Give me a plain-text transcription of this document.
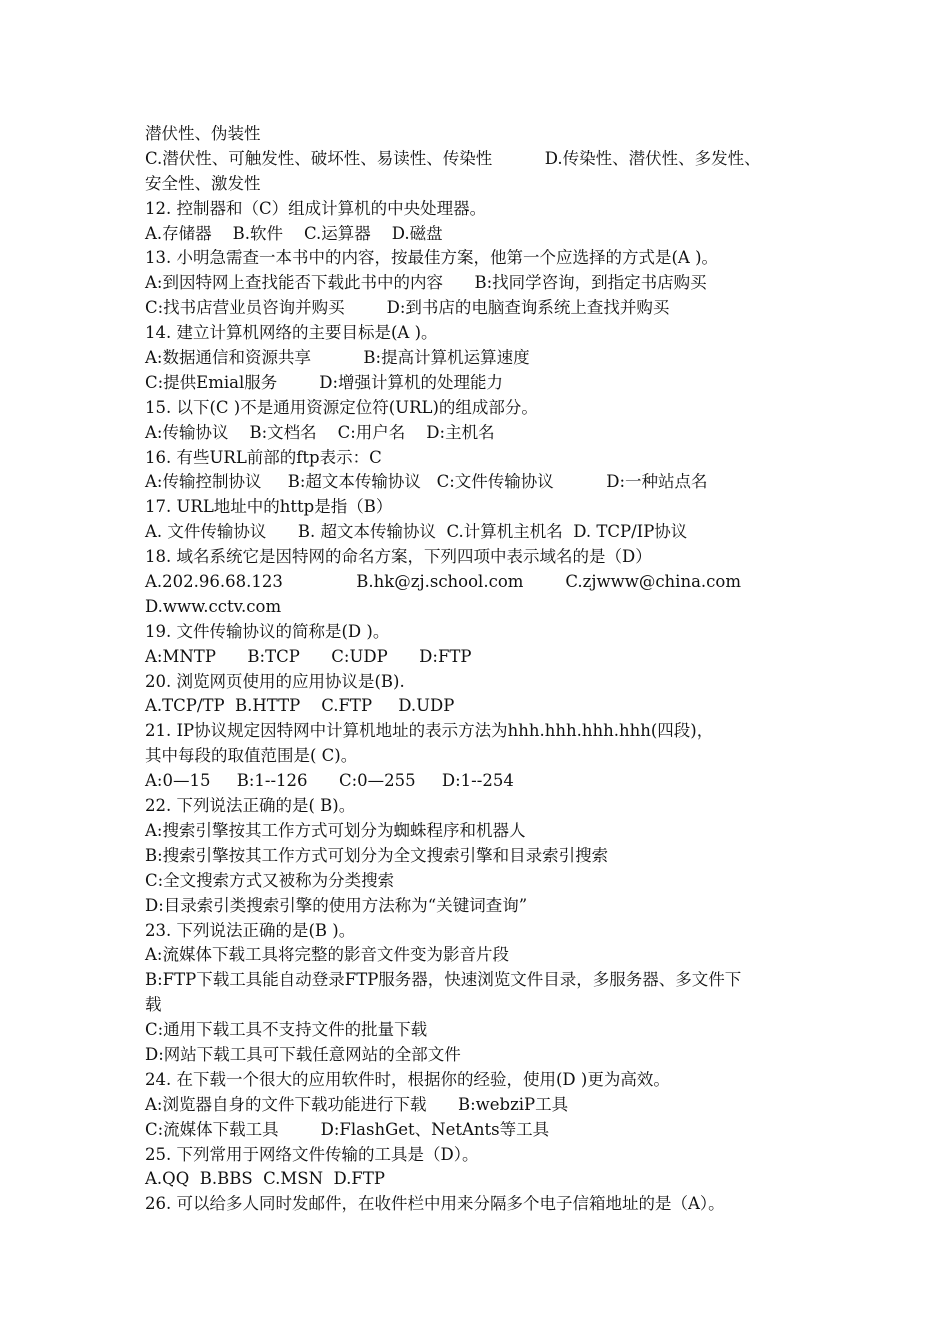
潜伏性、伪装性
C.潜伏性、可触发性、破坏性、易读性、传染性          D.传染性、潜伏性、多发性、
安全性、激发性
12. 控制器和（C）组成计算机的中央处理器。
A.存储器    B.软件    C.运算器    D.磁盘
13. 小明急需查一本书中的内容，按最佳方案，他第一个应选择的方式是(A )。
A:到因特网上查找能否下载此书中的内容      B:找同学咨询，到指定书店购买
C:找书店营业员咨询并购买        D:到书店的电脑查询系统上查找并购买
14. 建立计算机网络的主要目标是(A )。
A:数据通信和资源共享          B:提高计算机运算速度
C:提供Emial服务        D:增强计算机的处理能力
15. 以下(C )不是通用资源定位符(URL)的组成部分。
A:传输协议    B:文档名    C:用户名    D:主机名
16. 有些URL前部的ftp表示：C
A:传输控制协议     B:超文本传输协议   C:文件传输协议          D:一种站点名
17. URL地址中的http是指（B）
A. 文件传输协议      B. 超文本传输协议  C.计算机主机名  D. TCP/IP协议
18. 域名系统它是因特网的命名方案，下列四项中表示域名的是（D）
A.202.96.68.123              B.hk@zj.school.com        C.zjwww@china.com
D.www.cctv.com
19. 文件传输协议的简称是(D )。
A:MNTP      B:TCP      C:UDP      D:FTP
20. 浏览网页使用的应用协议是(B).
A.TCP/TP  B.HTTP    C.FTP     D.UDP
21. IP协议规定因特网中计算机地址的表示方法为hhh.hhh.hhh.hhh(四段)，
其中每段的取值范围是( C)。
A:0—15     B:1--126      C:0—255     D:1--254
22. 下列说法正确的是( B)。
A:搜索引擎按其工作方式可划分为蜘蛛程序和机器人
B:搜索引擎按其工作方式可划分为全文搜索引擎和目录索引搜索
C:全文搜索方式又被称为分类搜索
D:目录索引类搜索引擎的使用方法称为“关键词查询”
23. 下列说法正确的是(B )。
A:流媒体下载工具将完整的影音文件变为影音片段
B:FTP下载工具能自动登录FTP服务器，快速浏览文件目录，多服务器、多文件下
载
C:通用下载工具不支持文件的批量下载
D:网站下载工具可下载任意网站的全部文件
24. 在下载一个很大的应用软件时，根据你的经验，使用(D )更为高效。
A:浏览器自身的文件下载功能进行下载      B:webziP工具
C:流媒体下载工具        D:FlashGet、NetAnts等工具
25. 下列常用于网络文件传输的工具是（D）。
A.QQ  B.BBS  C.MSN  D.FTP
26. 可以给多人同时发邮件，在收件栏中用来分隔多个电子信箱地址的是（A）。
